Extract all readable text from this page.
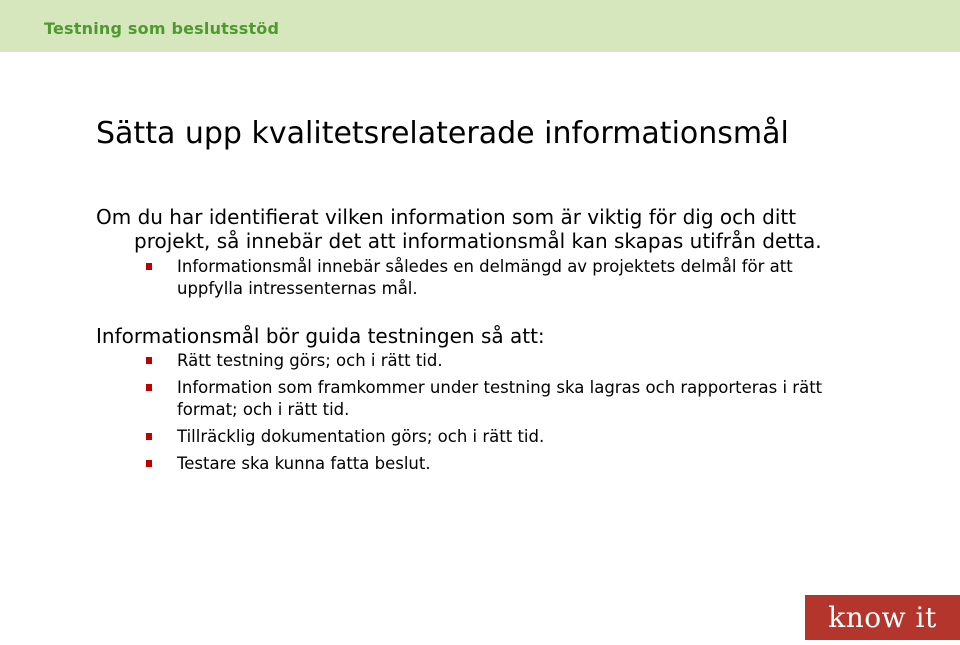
Testning som beslutsstöd
Sätta upp kvalitetsrelaterade informationsmål

Om du har identifierat vilken information som är viktig för dig och ditt projekt, så innebär det att informationsmål kan skapas utifrån detta.

Informationsmål innebär således en delmängd av projektets delmål för att uppfylla intressenternas mål.

Informationsmål bör guida testningen så att:

Rätt testning görs; och i rätt tid.
Information som framkommer under testning ska lagras och rapporteras i rätt format; och i rätt tid.
Tillräcklig dokumentation görs; och i rätt tid.
Testare ska kunna fatta beslut.
know it
